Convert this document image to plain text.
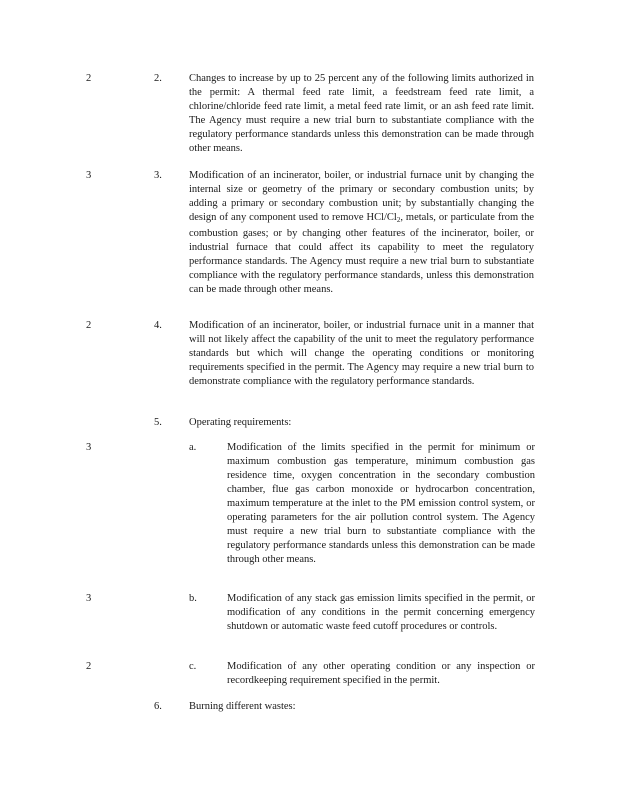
2	2.	Changes to increase by up to 25 percent any of the following limits authorized in the permit: A thermal feed rate limit, a feedstream feed rate limit, a chlorine/chloride feed rate limit, a metal feed rate limit, or an ash feed rate limit. The Agency must require a new trial burn to substantiate compliance with the regulatory performance standards unless this demonstration can be made through other means.
3	3.	Modification of an incinerator, boiler, or industrial furnace unit by changing the internal size or geometry of the primary or secondary combustion units; by adding a primary or secondary combustion unit; by substantially changing the design of any component used to remove HCl/Cl2, metals, or particulate from the combustion gases; or by changing other features of the incinerator, boiler, or industrial furnace that could affect its capability to meet the regulatory performance standards. The Agency must require a new trial burn to substantiate compliance with the regulatory performance standards, unless this demonstration can be made through other means.
2	4.	Modification of an incinerator, boiler, or industrial furnace unit in a manner that will not likely affect the capability of the unit to meet the regulatory performance standards but which will change the operating conditions or monitoring requirements specified in the permit. The Agency may require a new trial burn to demonstrate compliance with the regulatory performance standards.
5.	Operating requirements:
3	a.	Modification of the limits specified in the permit for minimum or maximum combustion gas temperature, minimum combustion gas residence time, oxygen concentration in the secondary combustion chamber, flue gas carbon monoxide or hydrocarbon concentration, maximum temperature at the inlet to the PM emission control system, or operating parameters for the air pollution control system. The Agency must require a new trial burn to substantiate compliance with the regulatory performance standards unless this demonstration can be made through other means.
3	b.	Modification of any stack gas emission limits specified in the permit, or modification of any conditions in the permit concerning emergency shutdown or automatic waste feed cutoff procedures or controls.
2	c.	Modification of any other operating condition or any inspection or recordkeeping requirement specified in the permit.
6.	Burning different wastes:
